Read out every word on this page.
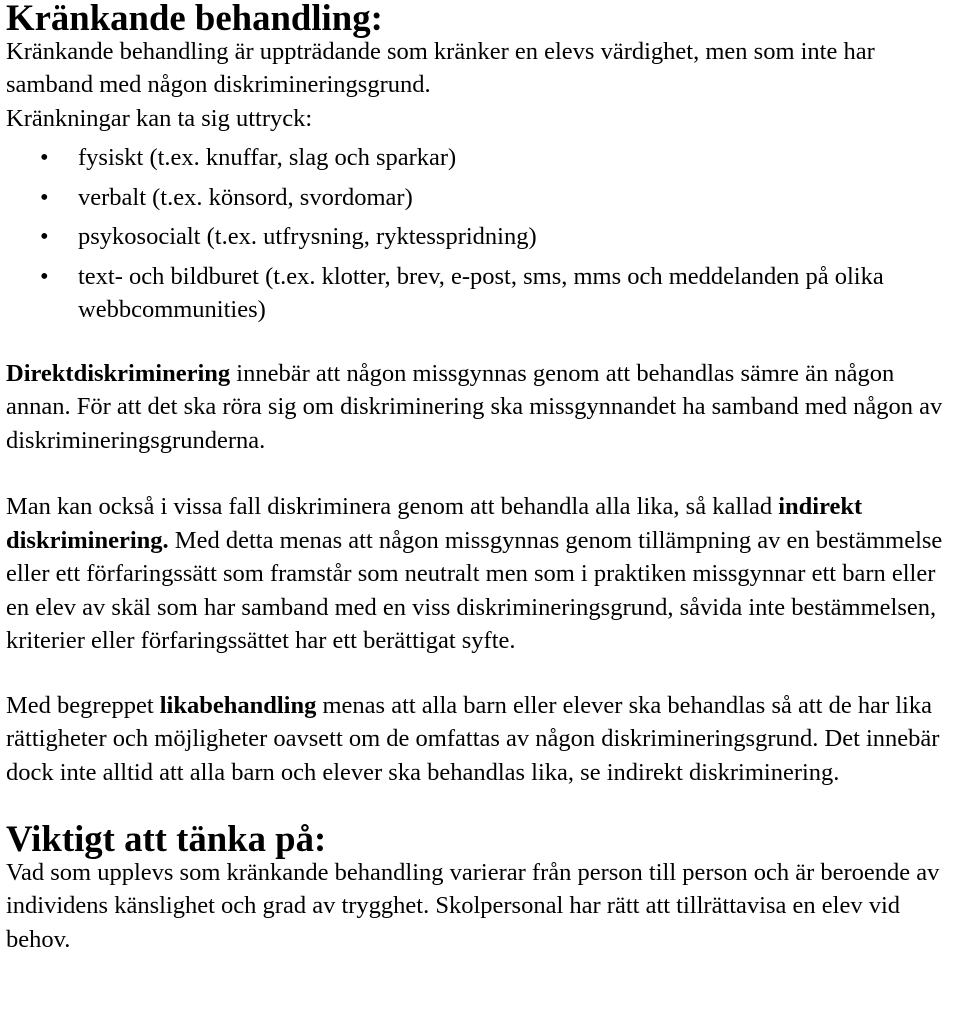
Kränkande behandling:

Kränkande behandling är uppträdande som kränker en elevs värdighet, men som inte har samband med någon diskrimineringsgrund.

Kränkningar kan ta sig uttryck:

• fysiskt (t.ex. knuffar, slag och sparkar)
• verbalt (t.ex. könsord, svordomar)
• psykosocialt (t.ex. utfrysning, ryktesspridning)
• text- och bildburet (t.ex. klotter, brev, e-post, sms, mms och meddelanden på olika webbcommunities)

Direktdiskriminering innebär att någon missgynnas genom att behandlas sämre än någon annan. För att det ska röra sig om diskriminering ska missgynnandet ha samband med någon av diskrimineringsgrunderna.

Man kan också i vissa fall diskriminera genom att behandla alla lika, så kallad indirekt diskriminering. Med detta menas att någon missgynnas genom tillämpning av en bestämmelse eller ett förfaringssätt som framstår som neutralt men som i praktiken missgynnar ett barn eller en elev av skäl som har samband med en viss diskrimineringsgrund, såvida inte bestämmelsen, kriterier eller förfaringssättet har ett berättigat syfte.

Med begreppet likabehandling menas att alla barn eller elever ska behandlas så att de har lika rättigheter och möjligheter oavsett om de omfattas av någon diskrimineringsgrund. Det innebär dock inte alltid att alla barn och elever ska behandlas lika, se indirekt diskriminering.

Viktigt att tänka på:

Vad som upplevs som kränkande behandling varierar från person till person och är beroende av individens känslighet och grad av trygghet. Skolpersonal har rätt att tillrättavisa en elev vid behov.
